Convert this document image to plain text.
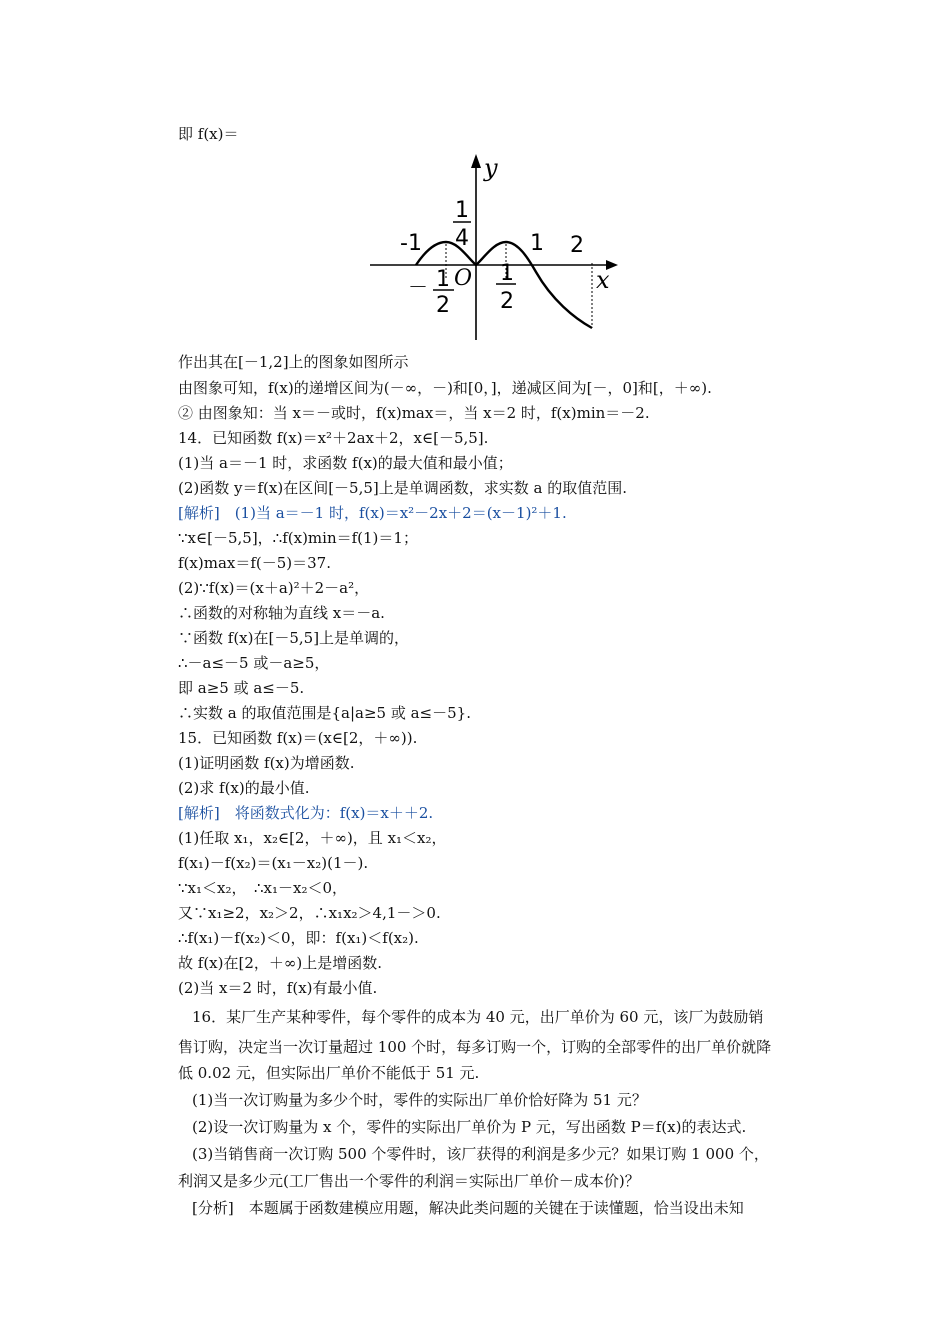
即 f(x)＝
y
x
O
-1	1 2
1
4
－ 1
2
1
2
作出其在[－1,2]上的图象如图所示
由图象可知，f(x)的递增区间为(－∞，－)和[0，]，递减区间为[－，0]和[，＋∞).
② 由图象知：当 x＝－或时，f(x)max＝，当 x＝2 时，f(x)min＝－2.
14．已知函数 f(x)＝x²＋2ax＋2，x∈[－5,5].
(1)当 a＝－1 时，求函数 f(x)的最大值和最小值；
(2)函数 y＝f(x)在区间[－5,5]上是单调函数，求实数 a 的取值范围.
[解析]　(1)当 a＝－1 时，f(x)＝x²－2x＋2＝(x－1)²＋1.
∵x∈[－5,5]，∴f(x)min＝f(1)＝1；
f(x)max＝f(－5)＝37.
(2)∵f(x)＝(x＋a)²＋2－a²，
∴函数的对称轴为直线 x＝－a.
∵函数 f(x)在[－5,5]上是单调的，
∴－a≤－5 或－a≥5，
即 a≥5 或 a≤－5.
∴实数 a 的取值范围是{a|a≥5 或 a≤－5}.
15．已知函数 f(x)＝(x∈[2，＋∞)).
(1)证明函数 f(x)为增函数.
(2)求 f(x)的最小值.
[解析]　将函数式化为：f(x)＝x＋＋2.
(1)任取 x₁，x₂∈[2，＋∞)，且 x₁＜x₂，
f(x₁)－f(x₂)＝(x₁－x₂)(1－).
∵x₁＜x₂，　∴x₁－x₂＜0，
又∵x₁≥2，x₂＞2，∴x₁x₂＞4,1－＞0.
∴f(x₁)－f(x₂)＜0，即：f(x₁)＜f(x₂).
故 f(x)在[2，＋∞)上是增函数.
(2)当 x＝2 时，f(x)有最小值.
16．某厂生产某种零件，每个零件的成本为 40 元，出厂单价为 60 元，该厂为鼓励销
售订购，决定当一次订量超过 100 个时，每多订购一个，订购的全部零件的出厂单价就降
低 0.02 元，但实际出厂单价不能低于 51 元.
(1)当一次订购量为多少个时，零件的实际出厂单价恰好降为 51 元？
(2)设一次订购量为 x 个，零件的实际出厂单价为 P 元，写出函数 P＝f(x)的表达式.
(3)当销售商一次订购 500 个零件时，该厂获得的利润是多少元？如果订购 1 000 个，
利润又是多少元(工厂售出一个零件的利润＝实际出厂单价－成本价)？
[分析]　本题属于函数建模应用题，解决此类问题的关键在于读懂题，恰当设出未知
